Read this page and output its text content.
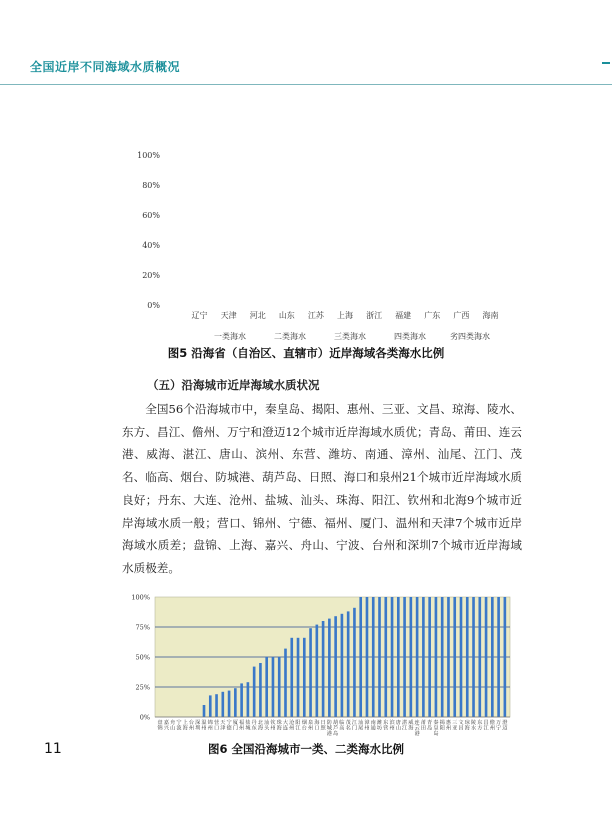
全国近岸不同海域水质概况
100%
80%
60%
40%
20%
0%
辽宁 天津 河北 山东 江苏 上海 浙江 福建 广东 广西 海南
一类海水	二类海水	三类海水	四类海水	劣四类海水
图5 沿海省（自治区、直辖市）近岸海域各类海水比例
（五）沿海城市近岸海域水质状况

全国56个沿海城市中，秦皇岛、揭阳、惠州、三亚、文昌、琼海、陵水、东方、昌江、儋州、万宁和澄迈12个城市近岸海域水质优；青岛、莆田、连云港、威海、湛江、唐山、滨州、东营、潍坊、南通、漳州、汕尾、江门、茂名、临高、烟台、防城港、葫芦岛、日照、海口和泉州21个城市近岸海域水质良好；丹东、大连、沧州、盐城、汕头、珠海、阳江、钦州和北海9个城市近岸海域水质一般；营口、锦州、宁德、福州、厦门、温州和天津7个城市近岸海域水质差；盘锦、上海、嘉兴、舟山、宁波、台州和深圳7个城市近岸海域水质极差。

100%
75%
50%
25%
0%
盘锦
嘉兴
舟山
宁波
上海
台州
深圳
温州
锦州
营口
天津
宁德
厦门
福州
盐城
丹东
北海
汕头
钦州
珠海
大连
沧州
阳江
烟台
泉州
海口
日照
防城港
葫芦岛
临高
茂名
江门
汕尾
漳州
南通
潍坊
东营
滨州
唐山
湛江
威海
连云港
莆田
青岛
秦皇岛
揭阳
惠州
三亚
文昌
琼海
陵水
东方
昌江
儋州
万宁
澄迈
图6 全国沿海城市一类、二类海水比例
11
